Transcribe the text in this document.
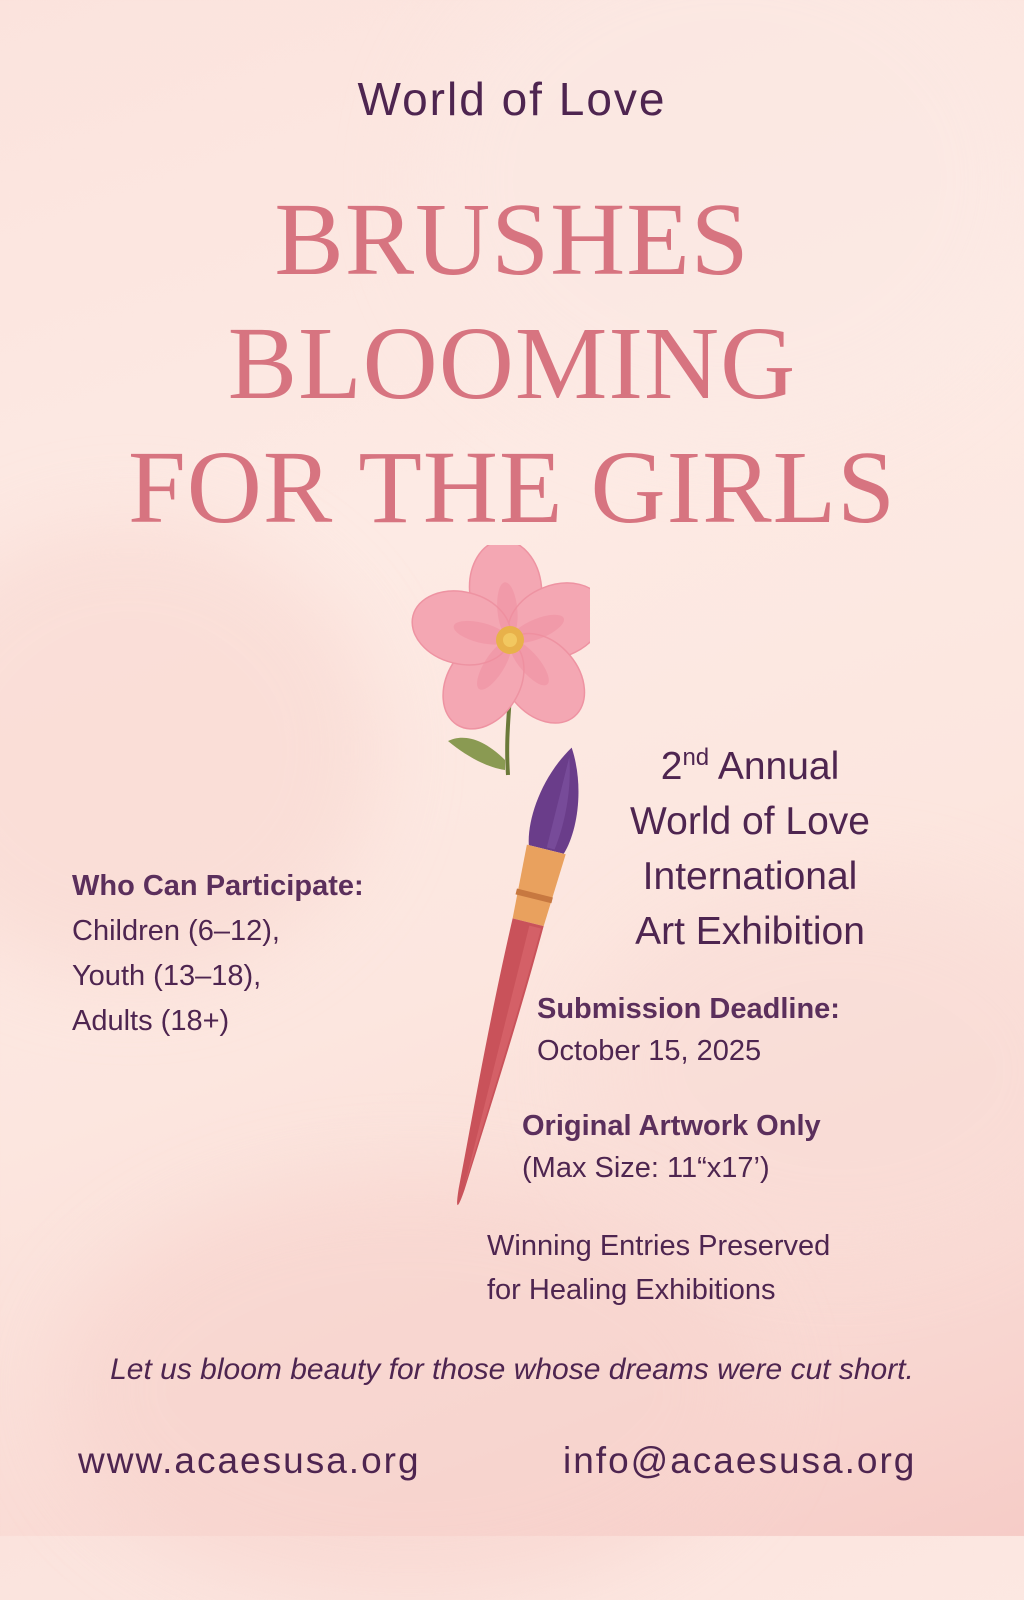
World of Love
BRUSHES
BLOOMING
FOR THE GIRLS
Who Can Participate:
Children (6–12),
Youth (13–18),
Adults (18+)
2nd Annual
World of Love
International
Art Exhibition
Submission Deadline:
October 15, 2025
Original Artwork Only
(Max Size: 11“x17’)
Winning Entries Preserved
for Healing Exhibitions
Let us bloom beauty for those whose dreams were cut short.
www.acaesusa.org	info@acaesusa.org
